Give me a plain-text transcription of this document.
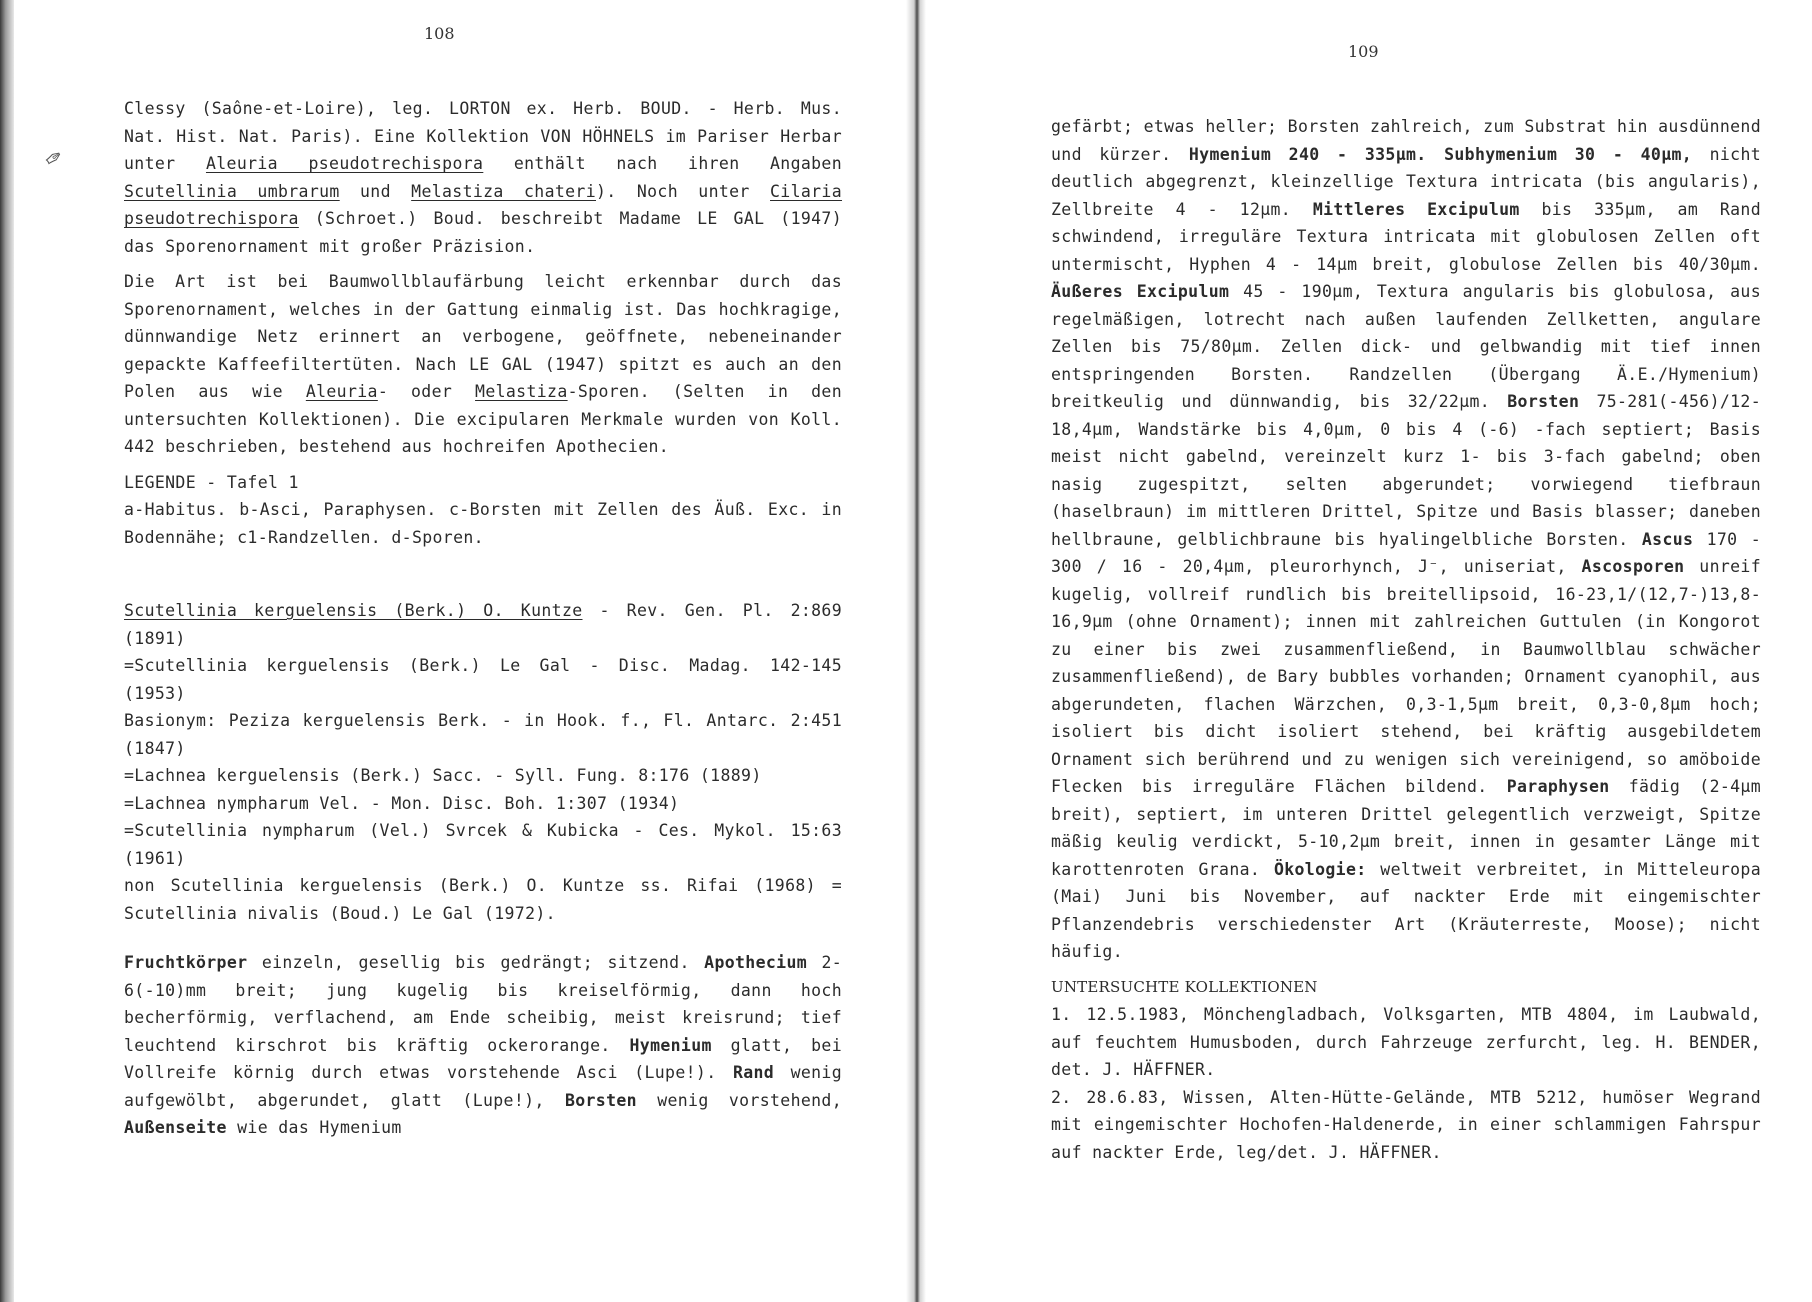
✑
108

Clessy (Saône-et-Loire), leg. LORTON ex. Herb. BOUD. - Herb. Mus. Nat. Hist. Nat. Paris). Eine Kollektion VON HÖHNELS im Pariser Herbar unter Aleuria pseudotrechispora enthält nach ihren Angaben Scutellinia umbrarum und Melastiza chateri). Noch unter Cilaria pseudotrechispora (Schroet.) Boud. beschreibt Madame LE GAL (1947) das Sporenornament mit großer Präzision.

Die Art ist bei Baumwollblaufärbung leicht erkennbar durch das Sporenornament, welches in der Gattung einmalig ist. Das hochkragige, dünnwandige Netz erinnert an verbogene, geöffnete, nebeneinander gepackte Kaffeefiltertüten. Nach LE GAL (1947) spitzt es auch an den Polen aus wie Aleuria- oder Melastiza-Sporen. (Selten in den untersuchten Kollektionen). Die excipularen Merkmale wurden von Koll. 442 beschrieben, bestehend aus hochreifen Apothecien.

LEGENDE - Tafel 1

a-Habitus. b-Asci, Paraphysen. c-Borsten mit Zellen des Äuß. Exc. in Bodennähe; c1-Randzellen. d-Sporen.

Scutellinia kerguelensis (Berk.) O. Kuntze - Rev. Gen. Pl. 2:869 (1891)

=Scutellinia kerguelensis (Berk.) Le Gal - Disc. Madag. 142-145 (1953)

Basionym: Peziza kerguelensis Berk. - in Hook. f., Fl. Antarc. 2:451 (1847)

=Lachnea kerguelensis (Berk.) Sacc. - Syll. Fung. 8:176 (1889)

=Lachnea nympharum Vel. - Mon. Disc. Boh. 1:307 (1934)

=Scutellinia nympharum (Vel.) Svrcek & Kubicka - Ces. Mykol. 15:63 (1961)

non Scutellinia kerguelensis (Berk.) O. Kuntze ss. Rifai (1968) = Scutellinia nivalis (Boud.) Le Gal (1972).

Fruchtkörper einzeln, gesellig bis gedrängt; sitzend. Apothecium 2-6(-10)mm breit; jung kugelig bis kreiselförmig, dann hoch becherförmig, verflachend, am Ende scheibig, meist kreisrund; tief leuchtend kirschrot bis kräftig ockerorange. Hymenium glatt, bei Vollreife körnig durch etwas vorstehende Asci (Lupe!). Rand wenig aufgewölbt, abgerundet, glatt (Lupe!), Borsten wenig vorstehend, Außenseite wie das Hymenium

109

gefärbt; etwas heller; Borsten zahlreich, zum Substrat hin ausdünnend und kürzer. Hymenium 240 - 335µm. Subhymenium 30 - 40µm, nicht deutlich abgegrenzt, kleinzellige Textura intricata (bis angularis), Zellbreite 4 - 12µm. Mittleres Excipulum bis 335µm, am Rand schwindend, irreguläre Textura intricata mit globulosen Zellen oft untermischt, Hyphen 4 - 14µm breit, globulose Zellen bis 40/30µm. Äußeres Excipulum 45 - 190µm, Textura angularis bis globulosa, aus regelmäßigen, lotrecht nach außen laufenden Zellketten, angulare Zellen bis 75/80µm. Zellen dick- und gelbwandig mit tief innen entspringenden Borsten. Randzellen (Übergang Ä.E./Hymenium) breitkeulig und dünnwandig, bis 32/22µm. Borsten 75-281(-456)/12-18,4µm, Wandstärke bis 4,0µm, 0 bis 4 (-6) -fach septiert; Basis meist nicht gabelnd, vereinzelt kurz 1- bis 3-fach gabelnd; oben nasig zugespitzt, selten abgerundet; vorwiegend tiefbraun (haselbraun) im mittleren Drittel, Spitze und Basis blasser; daneben hellbraune, gelblichbraune bis hyalingelbliche Borsten. Ascus 170 - 300 / 16 - 20,4µm, pleurorhynch, J⁻, uniseriat, Ascosporen unreif kugelig, vollreif rundlich bis breitellipsoid, 16-23,1/(12,7-)13,8-16,9µm (ohne Ornament); innen mit zahlreichen Guttulen (in Kongorot zu einer bis zwei zusammenfließend, in Baumwollblau schwächer zusammenfließend), de Bary bubbles vorhanden; Ornament cyanophil, aus abgerundeten, flachen Wärzchen, 0,3-1,5µm breit, 0,3-0,8µm hoch; isoliert bis dicht isoliert stehend, bei kräftig ausgebildetem Ornament sich berührend und zu wenigen sich vereinigend, so amöboide Flecken bis irreguläre Flächen bildend. Paraphysen fädig (2-4µm breit), septiert, im unteren Drittel gelegentlich verzweigt, Spitze mäßig keulig verdickt, 5-10,2µm breit, innen in gesamter Länge mit karottenroten Grana. Ökologie: weltweit verbreitet, in Mitteleuropa (Mai) Juni bis November, auf nackter Erde mit eingemischter Pflanzendebris verschiedenster Art (Kräuterreste, Moose); nicht häufig.

UNTERSUCHTE KOLLEKTIONEN

1. 12.5.1983, Mönchengladbach, Volksgarten, MTB 4804, im Laubwald, auf feuchtem Humusboden, durch Fahrzeuge zerfurcht, leg. H. BENDER, det. J. HÄFFNER.

2. 28.6.83, Wissen, Alten-Hütte-Gelände, MTB 5212, humöser Wegrand mit eingemischter Hochofen-Haldenerde, in einer schlammigen Fahrspur auf nackter Erde, leg/det. J. HÄFFNER.
